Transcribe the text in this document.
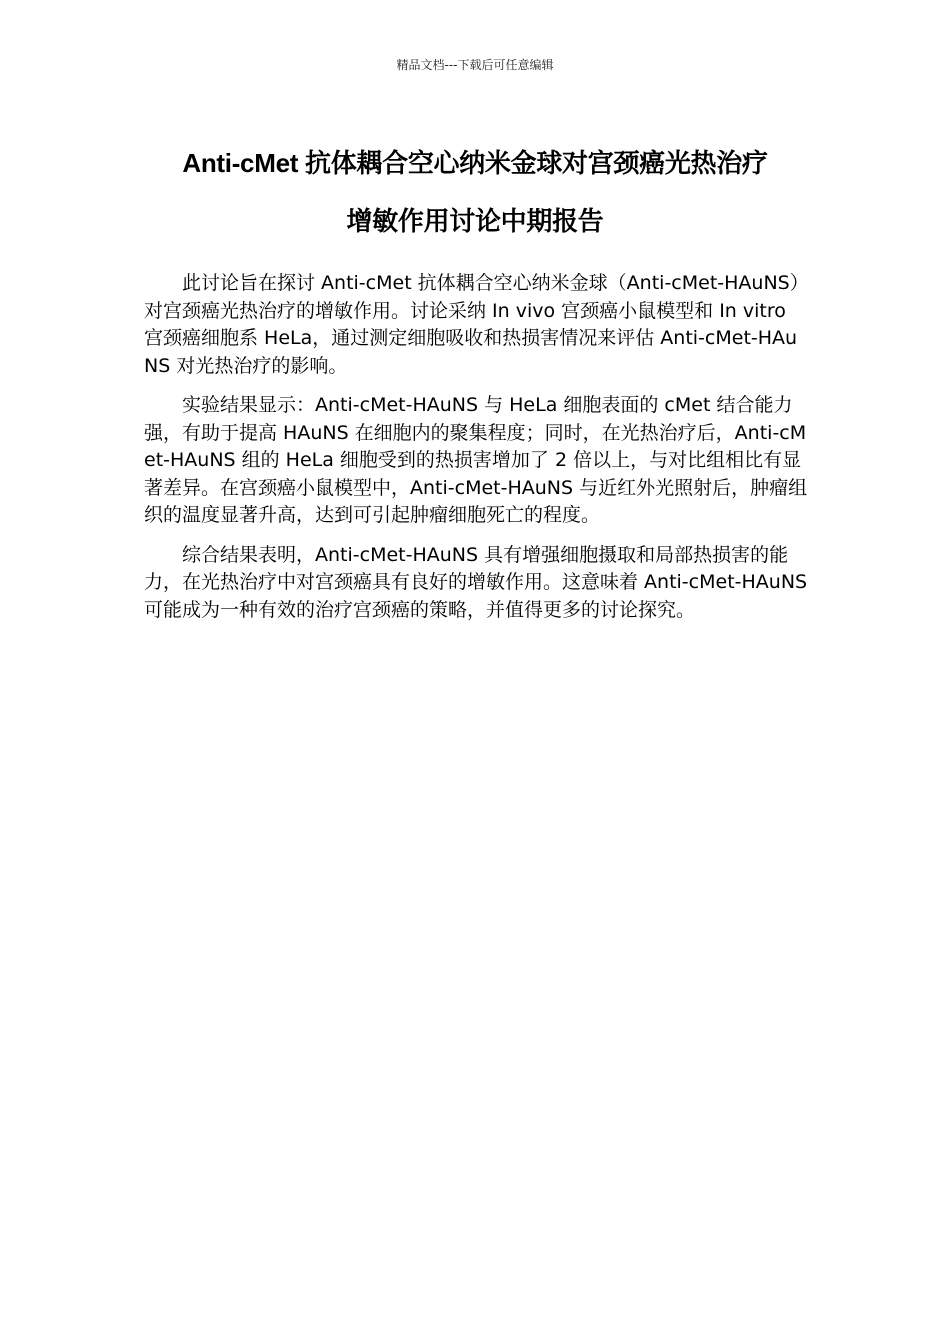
精品文档---下载后可任意编辑
Anti-cMet 抗体耦合空心纳米金球对宫颈癌光热治疗
增敏作用讨论中期报告

此讨论旨在探讨 Anti-cMet 抗体耦合空心纳米金球（Anti-cMet-HAuNS）对宫颈癌光热治疗的增敏作用。讨论采纳 In vivo 宫颈癌小鼠模型和 In vitro 宫颈癌细胞系 HeLa，通过测定细胞吸收和热损害情况来评估 Anti-cMet-HAuNS 对光热治疗的影响。

实验结果显示：Anti-cMet-HAuNS 与 HeLa 细胞表面的 cMet 结合能力强，有助于提高 HAuNS 在细胞内的聚集程度；同时，在光热治疗后，Anti-cMet-HAuNS 组的 HeLa 细胞受到的热损害增加了 2 倍以上，与对比组相比有显著差异。在宫颈癌小鼠模型中，Anti-cMet-HAuNS 与近红外光照射后，肿瘤组织的温度显著升高，达到可引起肿瘤细胞死亡的程度。

综合结果表明，Anti-cMet-HAuNS 具有增强细胞摄取和局部热损害的能力，在光热治疗中对宫颈癌具有良好的增敏作用。这意味着 Anti-cMet-HAuNS 可能成为一种有效的治疗宫颈癌的策略，并值得更多的讨论探究。
